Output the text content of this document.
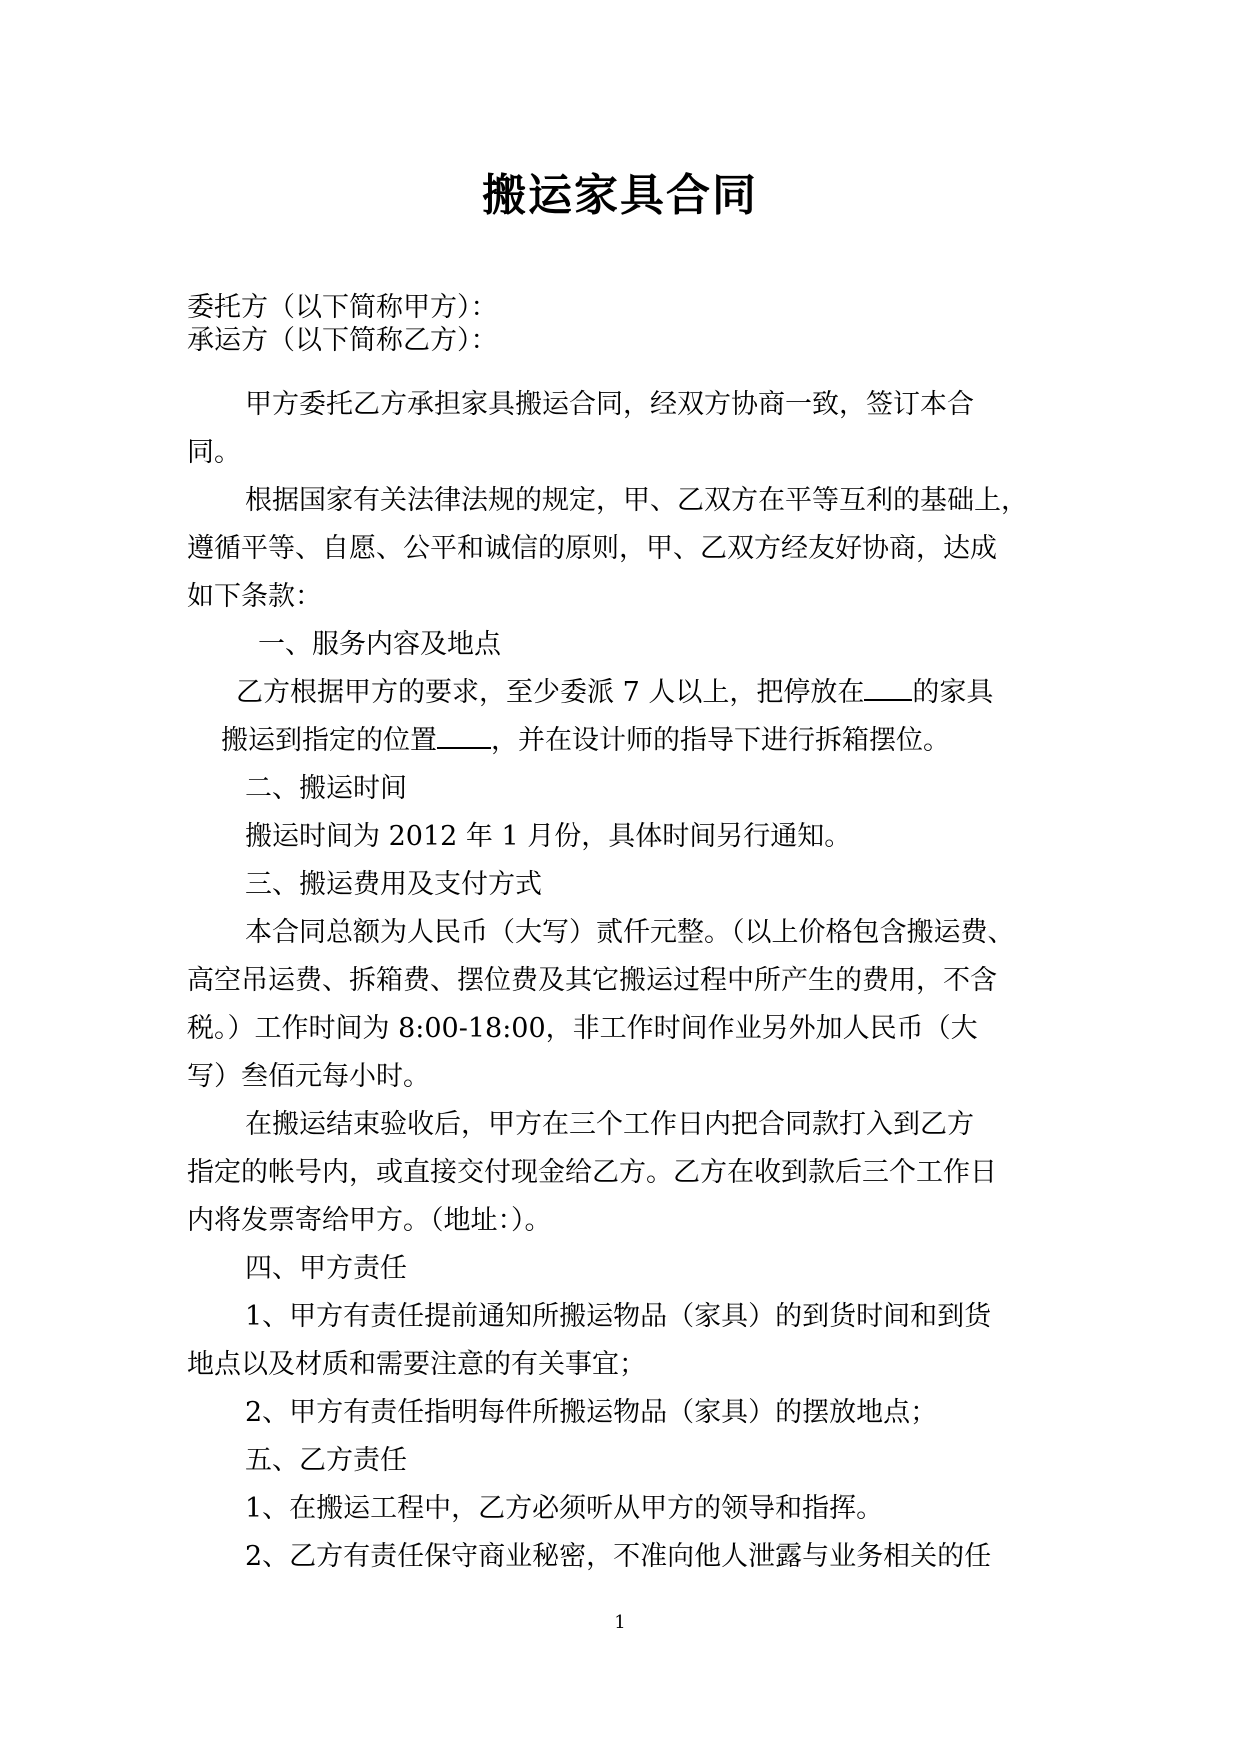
搬运家具合同
委托方（以下简称甲方）：
承运方（以下简称乙方）：
甲方委托乙方承担家具搬运合同，经双方协商一致，签订本合
同。
根据国家有关法律法规的规定，甲、乙双方在平等互利的基础上，
遵循平等、自愿、公平和诚信的原则，甲、乙双方经友好协商，达成
如下条款：
一、服务内容及地点
乙方根据甲方的要求，至少委派 7 人以上，把停放在 的家具
搬运到指定的位置 ，并在设计师的指导下进行拆箱摆位。
二、搬运时间
搬运时间为 2012 年 1 月份，具体时间另行通知。
三、搬运费用及支付方式
本合同总额为人民币（大写）贰仟元整。（以上价格包含搬运费、
高空吊运费、拆箱费、摆位费及其它搬运过程中所产生的费用，不含
税。）工作时间为 8:00-18:00，非工作时间作业另外加人民币（大
写）叁佰元每小时。
在搬运结束验收后，甲方在三个工作日内把合同款打入到乙方
指定的帐号内，或直接交付现金给乙方。乙方在收到款后三个工作日
内将发票寄给甲方。（地址：）。
四、甲方责任
1、甲方有责任提前通知所搬运物品（家具）的到货时间和到货
地点以及材质和需要注意的有关事宜；
2、甲方有责任指明每件所搬运物品（家具）的摆放地点；
五、乙方责任
1、在搬运工程中，乙方必须听从甲方的领导和指挥。
2、乙方有责任保守商业秘密，不准向他人泄露与业务相关的任
1
